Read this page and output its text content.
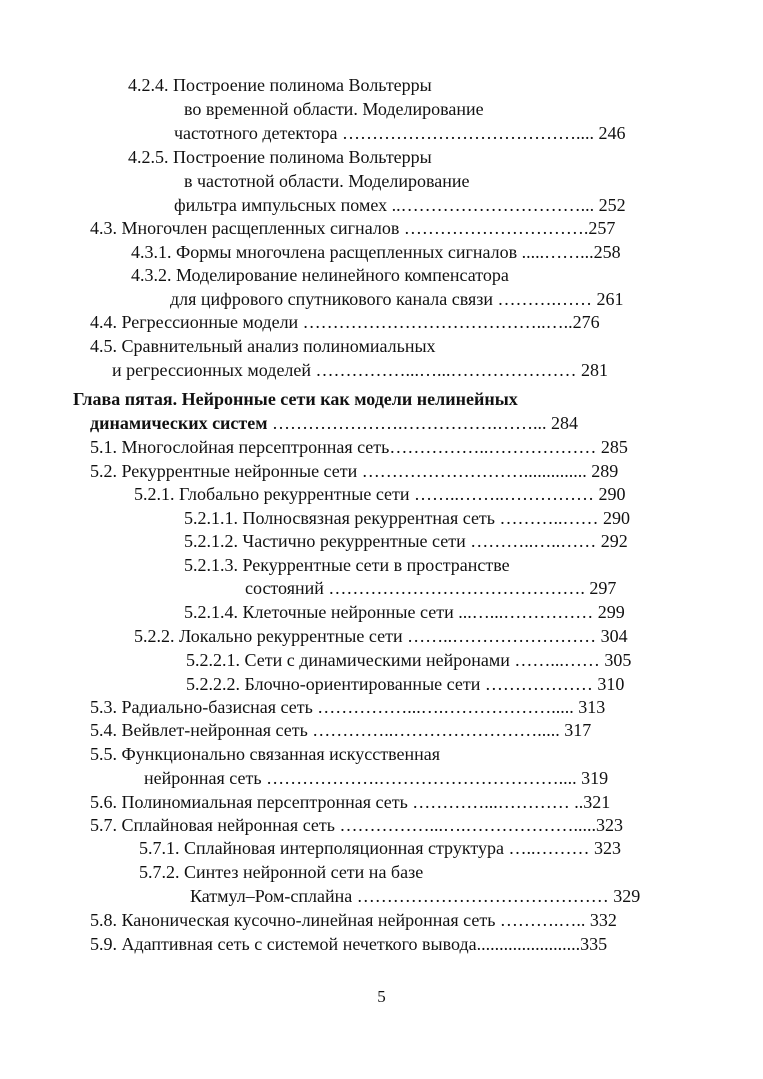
4.2.4. Построение полинома Вольтерры
во временной области. Моделирование
частотного детектора ………………………………….... 246
4.2.5. Построение полинома Вольтерры
в частотной области. Моделирование
фильтра импульсных помех ..…………………………... 252
4.3. Многочлен расщепленных сигналов ………………………….257
4.3.1. Формы многочлена расщепленных сигналов .....……...258
4.3.2. Моделирование нелинейного компенсатора
для цифрового спутникового канала связи ……….…… 261
4.4. Регрессионные модели …………………………………..…..276
4.5. Сравнительный анализ полиномиальных
и регрессионных моделей ……………...…...………………… 281
Глава пятая. Нейронные сети как модели нелинейных
динамических систем ………………….…………….……... 284
5.1. Многослойная персептронная сеть……………..……………… 285
5.2. Рекуррентные нейронные сети ……………………….............. 289
5.2.1. Глобально рекуррентные сети ……..……..…………… 290
5.2.1.1. Полносвязная рекуррентная сеть ………..…… 290
5.2.1.2. Частично рекуррентные сети ………..…..…… 292
5.2.1.3. Рекуррентные сети в пространстве
состояний ……………………………………. 297
5.2.1.4. Клеточные нейронные сети ...…...…………… 299
5.2.2. Локально рекуррентные сети ……..…………………… 304
5.2.2.1. Сети с динамическими нейронами ……...…… 305
5.2.2.2. Блочно-ориентированные сети ……………… 310
5.3. Радиально-базисная сеть ……………...….………………..... 313
5.4. Вейвлет-нейронная сеть …………..……………………..... 317
5.5. Функционально связанная искусственная
нейронная сеть ……………….………………………….... 319
5.6. Полиномиальная персептронная сеть …………...………… ..321
5.7. Сплайновая нейронная сеть ……………...….……………….....323
5.7.1. Сплайновая интерполяционная структура …..……… 323
5.7.2. Синтез нейронной сети на базе
Катмул–Ром-сплайна …………………………………… 329
5.8. Каноническая кусочно-линейная нейронная сеть ……….….. 332
5.9. Адаптивная сеть с системой нечеткого вывода.......................335
5
